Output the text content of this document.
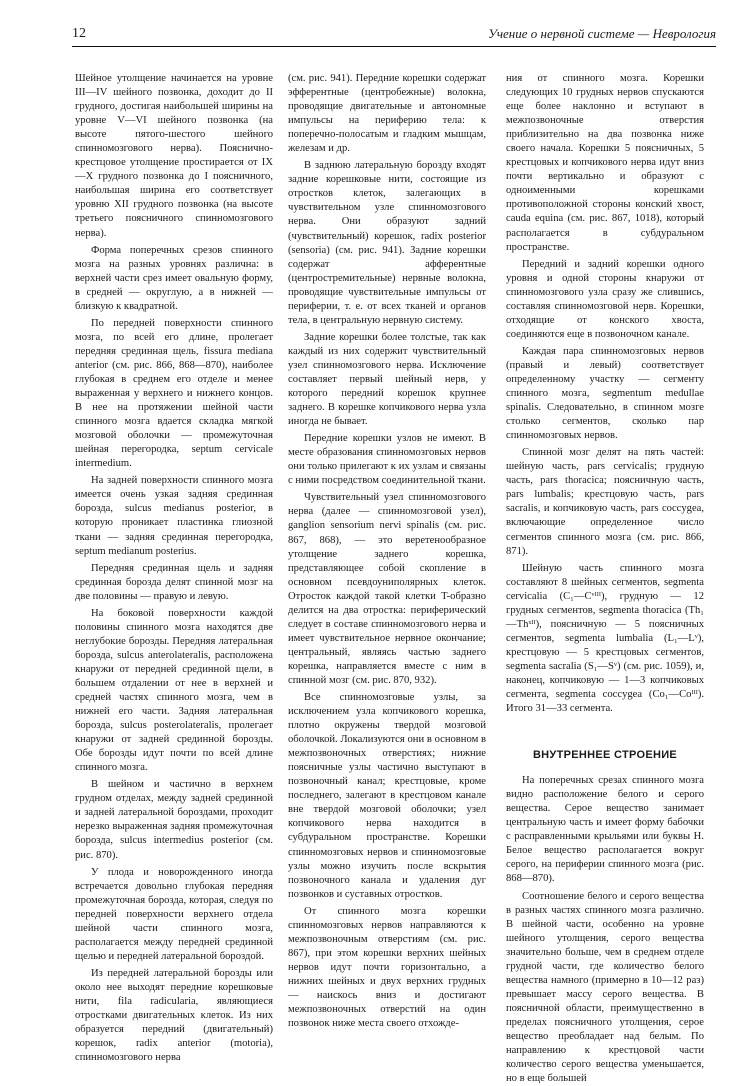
12	Учение о нервной системе — Неврология

Шейное утолщение начинается на уровне III—IV шейного позвонка, доходит до II грудного, достигая наибольшей ширины на уровне V—VI шейного позвонка (на высоте пятого-шестого шейного спинномозгового нерва). Пояснично-крестцовое утолщение простирается от IX—X грудного позвонка до I поясничного, наибольшая ширина его соответствует уровню XII грудного позвонка (на высоте третьего поясничного спинномозгового нерва).

Форма поперечных срезов спинного мозга на разных уровнях различна: в верхней части срез имеет овальную форму, в средней — округлую, а в нижней — близкую к квадратной.

По передней поверхности спинного мозга, по всей его длине, пролегает передняя срединная щель, fissura mediana anterior (см. рис. 866, 868—870), наиболее глубокая в среднем его отделе и менее выраженная у верхнего и нижнего концов. В нее на протяжении шейной части спинного мозга вдается складка мягкой мозговой оболочки — промежуточная шейная перегородка, septum cervicale intermedium.

На задней поверхности спинного мозга имеется очень узкая задняя срединная борозда, sulcus medianus posterior, в которую проникает пластинка глиозной ткани — задняя срединная перегородка, septum medianum posterius.

Передняя срединная щель и задняя срединная борозда делят спинной мозг на две половины — правую и левую.

На боковой поверхности каждой половины спинного мозга находятся две неглубокие борозды. Передняя латеральная борозда, sulcus anterolateralis, расположена кнаружи от передней срединной щели, в большем отдалении от нее в верхней и средней частях спинного мозга, чем в нижней его части. Задняя латеральная борозда, sulcus posterolateralis, пролегает кнаружи от задней срединной борозды. Обе борозды идут почти по всей длине спинного мозга.

В шейном и частично в верхнем грудном отделах, между задней срединной и задней латеральной бороздами, проходит нерезко выраженная задняя промежуточная борозда, sulcus intermedius posterior (см. рис. 870).

У плода и новорожденного иногда встречается довольно глубокая передняя промежуточная борозда, которая, следуя по передней поверхности верхнего отдела шейной части спинного мозга, располагается между передней срединной щелью и передней латеральной бороздой.

Из передней латеральной борозды или около нее выходят передние корешковые нити, fila radicularia, являющиеся отростками двигательных клеток. Из них образуется передний (двигательный) корешок, radix anterior (motoria), спинномозгового нерва

(см. рис. 941). Передние корешки содержат эфферентные (центробежные) волокна, проводящие двигательные и автономные импульсы на периферию тела: к поперечно-полосатым и гладким мышцам, железам и др.

В заднюю латеральную борозду входят задние корешковые нити, состоящие из отростков клеток, залегающих в чувствительном узле спинномозгового нерва. Они образуют задний (чувствительный) корешок, radix posterior (sensoria) (см. рис. 941). Задние корешки содержат афферентные (центростремительные) нервные волокна, проводящие чувствительные импульсы от периферии, т. е. от всех тканей и органов тела, в центральную нервную систему.

Задние корешки более толстые, так как каждый из них содержит чувствительный узел спинномозгового нерва. Исключение составляет первый шейный нерв, у которого передний корешок крупнее заднего. В корешке копчикового нерва узла иногда не бывает.

Передние корешки узлов не имеют. В месте образования спинномозговых нервов они только прилегают к их узлам и связаны с ними посредством соединительной ткани.

Чувствительный узел спинномозгового нерва (далее — спинномозговой узел), ganglion sensorium nervi spinalis (см. рис. 867, 868), — это веретенообразное утолщение заднего корешка, представляющее собой скопление в основном псевдоуниполярных клеток. Отросток каждой такой клетки T-образно делится на два отростка: периферический следует в составе спинномозгового нерва и имеет чувствительное нервное окончание; центральный, являясь частью заднего корешка, направляется вместе с ним в спинной мозг (см. рис. 870, 932).

Все спинномозговые узлы, за исключением узла копчикового корешка, плотно окружены твердой мозговой оболочкой. Локализуются они в основном в межпозвоночных отверстиях; нижние поясничные узлы частично выступают в позвоночный канал; крестцовые, кроме последнего, залегают в крестцовом канале вне твердой мозговой оболочки; узел копчикового нерва находится в субдуральном пространстве. Корешки спинномозговых нервов и спинномозговые узлы можно изучить после вскрытия позвоночного канала и удаления дуг позвонков и суставных отростков.

От спинного мозга корешки спинномозговых нервов направляются к межпозвоночным отверстиям (см. рис. 867), при этом корешки верхних шейных нервов идут почти горизонтально, а нижних шейных и двух верхних грудных — наискось вниз и достигают межпозвоночных отверстий на один позвонок ниже места своего отхожде-

ния от спинного мозга. Корешки следующих 10 грудных нервов спускаются еще более наклонно и вступают в межпозвоночные отверстия приблизительно на два позвонка ниже своего начала. Корешки 5 поясничных, 5 крестцовых и копчикового нерва идут вниз почти вертикально и образуют с одноименными корешками противоположной стороны конский хвост, cauda equina (см. рис. 867, 1018), который располагается в субдуральном пространстве.

Передний и задний корешки одного уровня и одной стороны кнаружи от спинномозгового узла сразу же слившись, составляя спинномозговой нерв. Корешки, отходящие от конского хвоста, соединяются еще в позвоночном канале.

Каждая пара спинномозговых нервов (правый и левый) соответствует определенному участку — сегменту спинного мозга, segmentum medullae spinalis. Следовательно, в спинном мозге столько сегментов, сколько пар спинномозговых нервов.

Спинной мозг делят на пять частей: шейную часть, pars cervicalis; грудную часть, pars thoracica; поясничную часть, pars lumbalis; крестцовую часть, pars sacralis, и копчиковую часть, pars coccygea, включающие определенное число сегментов спинного мозга (см. рис. 866, 871).

Шейную часть спинного мозга составляют 8 шейных сегментов, segmenta cervicalia (C₁—Cᵛᴵᴵᴵ), грудную — 12 грудных сегментов, segmenta thoracica (Th₁—Thˣᴵᴵ), поясничную — 5 поясничных сегментов, segmenta lumbalia (L₁—Lᵛ), крестцовую — 5 крестцовых сегментов, segmenta sacralia (S₁—Sᵛ) (см. рис. 1059), и, наконец, копчиковую — 1—3 копчиковых сегмента, segmenta coccygea (Co₁—Coᴵᴵᴵ). Итого 31—33 сегмента.

ВНУТРЕННЕЕ СТРОЕНИЕ

На поперечных срезах спинного мозга видно расположение белого и серого вещества. Серое вещество занимает центральную часть и имеет форму бабочки с расправленными крыльями или буквы H. Белое вещество располагается вокруг серого, на периферии спинного мозга (рис. 868—870).

Соотношение белого и серого вещества в разных частях спинного мозга различно. В шейной части, особенно на уровне шейного утолщения, серого вещества значительно больше, чем в среднем отделе грудной части, где количество белого вещества намного (примерно в 10—12 раз) превышает массу серого вещества. В поясничной области, преимущественно в пределах поясничного утолщения, серое вещество преобладает над белым. По направлению к крестцовой части количество серого вещества уменьшается, но в еще большей
